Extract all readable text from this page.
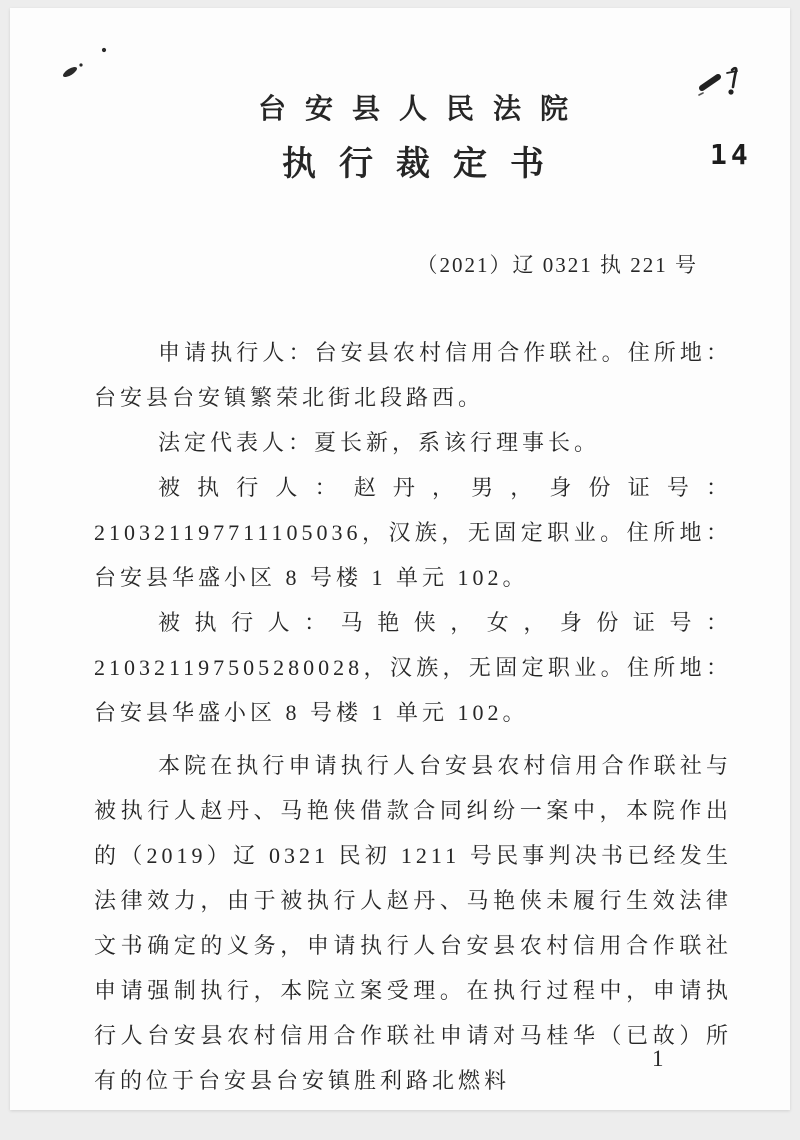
14
台安县人民法院
执行裁定书
（2021）辽 0321 执 221 号

申请执行人：台安县农村信用合作联社。住所地：台安县台安镇繁荣北街北段路西。

法定代表人：夏长新，系该行理事长。

被执行人：赵丹，男，身份证号：210321197711105036，汉族，无固定职业。住所地：台安县华盛小区 8 号楼 1 单元 102。

被执行人：马艳侠，女，身份证号：210321197505280028，汉族，无固定职业。住所地：台安县华盛小区 8 号楼 1 单元 102。

本院在执行申请执行人台安县农村信用合作联社与被执行人赵丹、马艳侠借款合同纠纷一案中，本院作出的（2019）辽 0321 民初 1211 号民事判决书已经发生法律效力，由于被执行人赵丹、马艳侠未履行生效法律文书确定的义务，申请执行人台安县农村信用合作联社申请强制执行，本院立案受理。在执行过程中，申请执行人台安县农村信用合作联社申请对马桂华（已故）所有的位于台安县台安镇胜利路北燃料

1
